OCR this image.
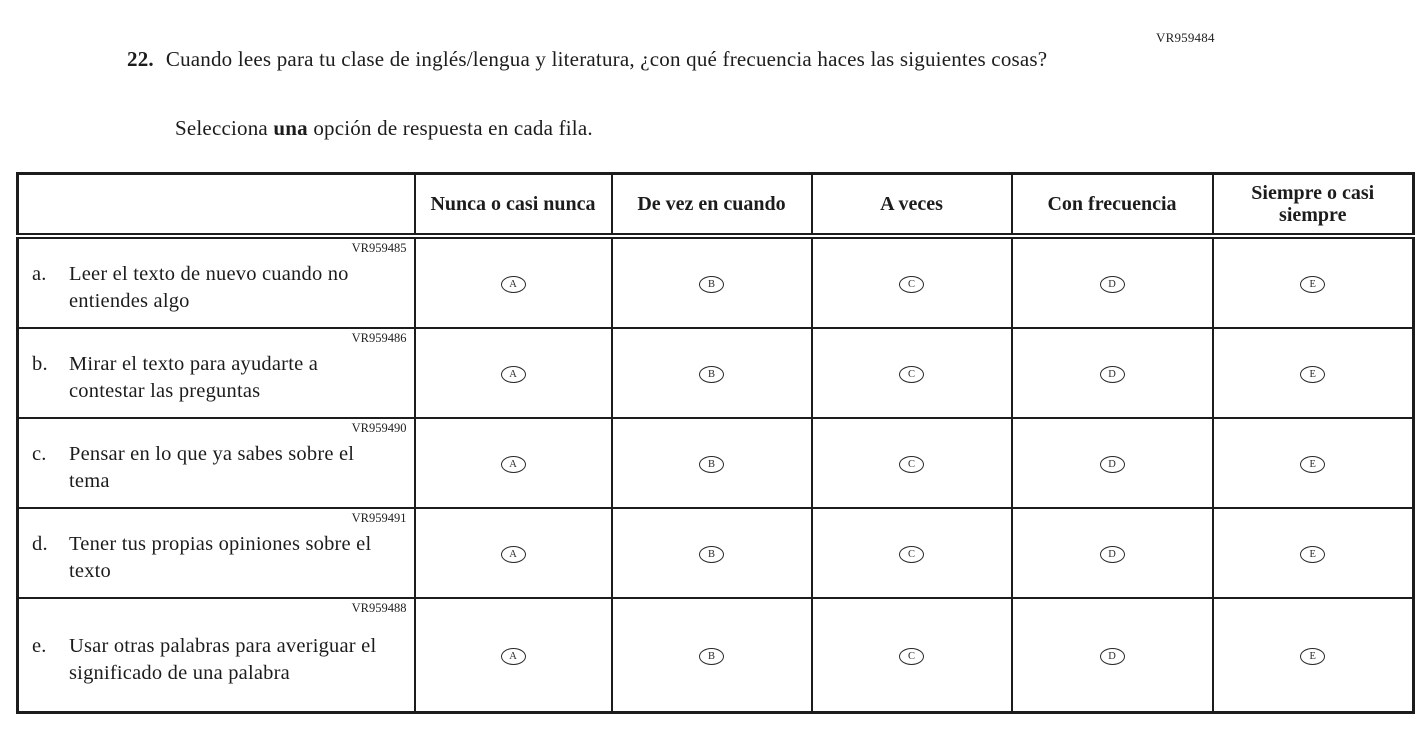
VR959484
22. Cuando lees para tu clase de inglés/lengua y literatura, ¿con qué frecuencia haces las siguientes cosas?
Selecciona una opción de respuesta en cada fila.
	Nunca o casi nunca	De vez en cuando	A veces	Con frecuencia	Siempre o casi siempre

VR959485
a. Leer el texto de nuevo cuando no entiendes algo	A	B	C	D	E

VR959486
b. Mirar el texto para ayudarte a contestar las preguntas	A	B	C	D	E

VR959490
c. Pensar en lo que ya sabes sobre el tema	A	B	C	D	E

VR959491
d. Tener tus propias opiniones sobre el texto	A	B	C	D	E

VR959488
e. Usar otras palabras para averiguar el significado de una palabra	A	B	C	D	E
